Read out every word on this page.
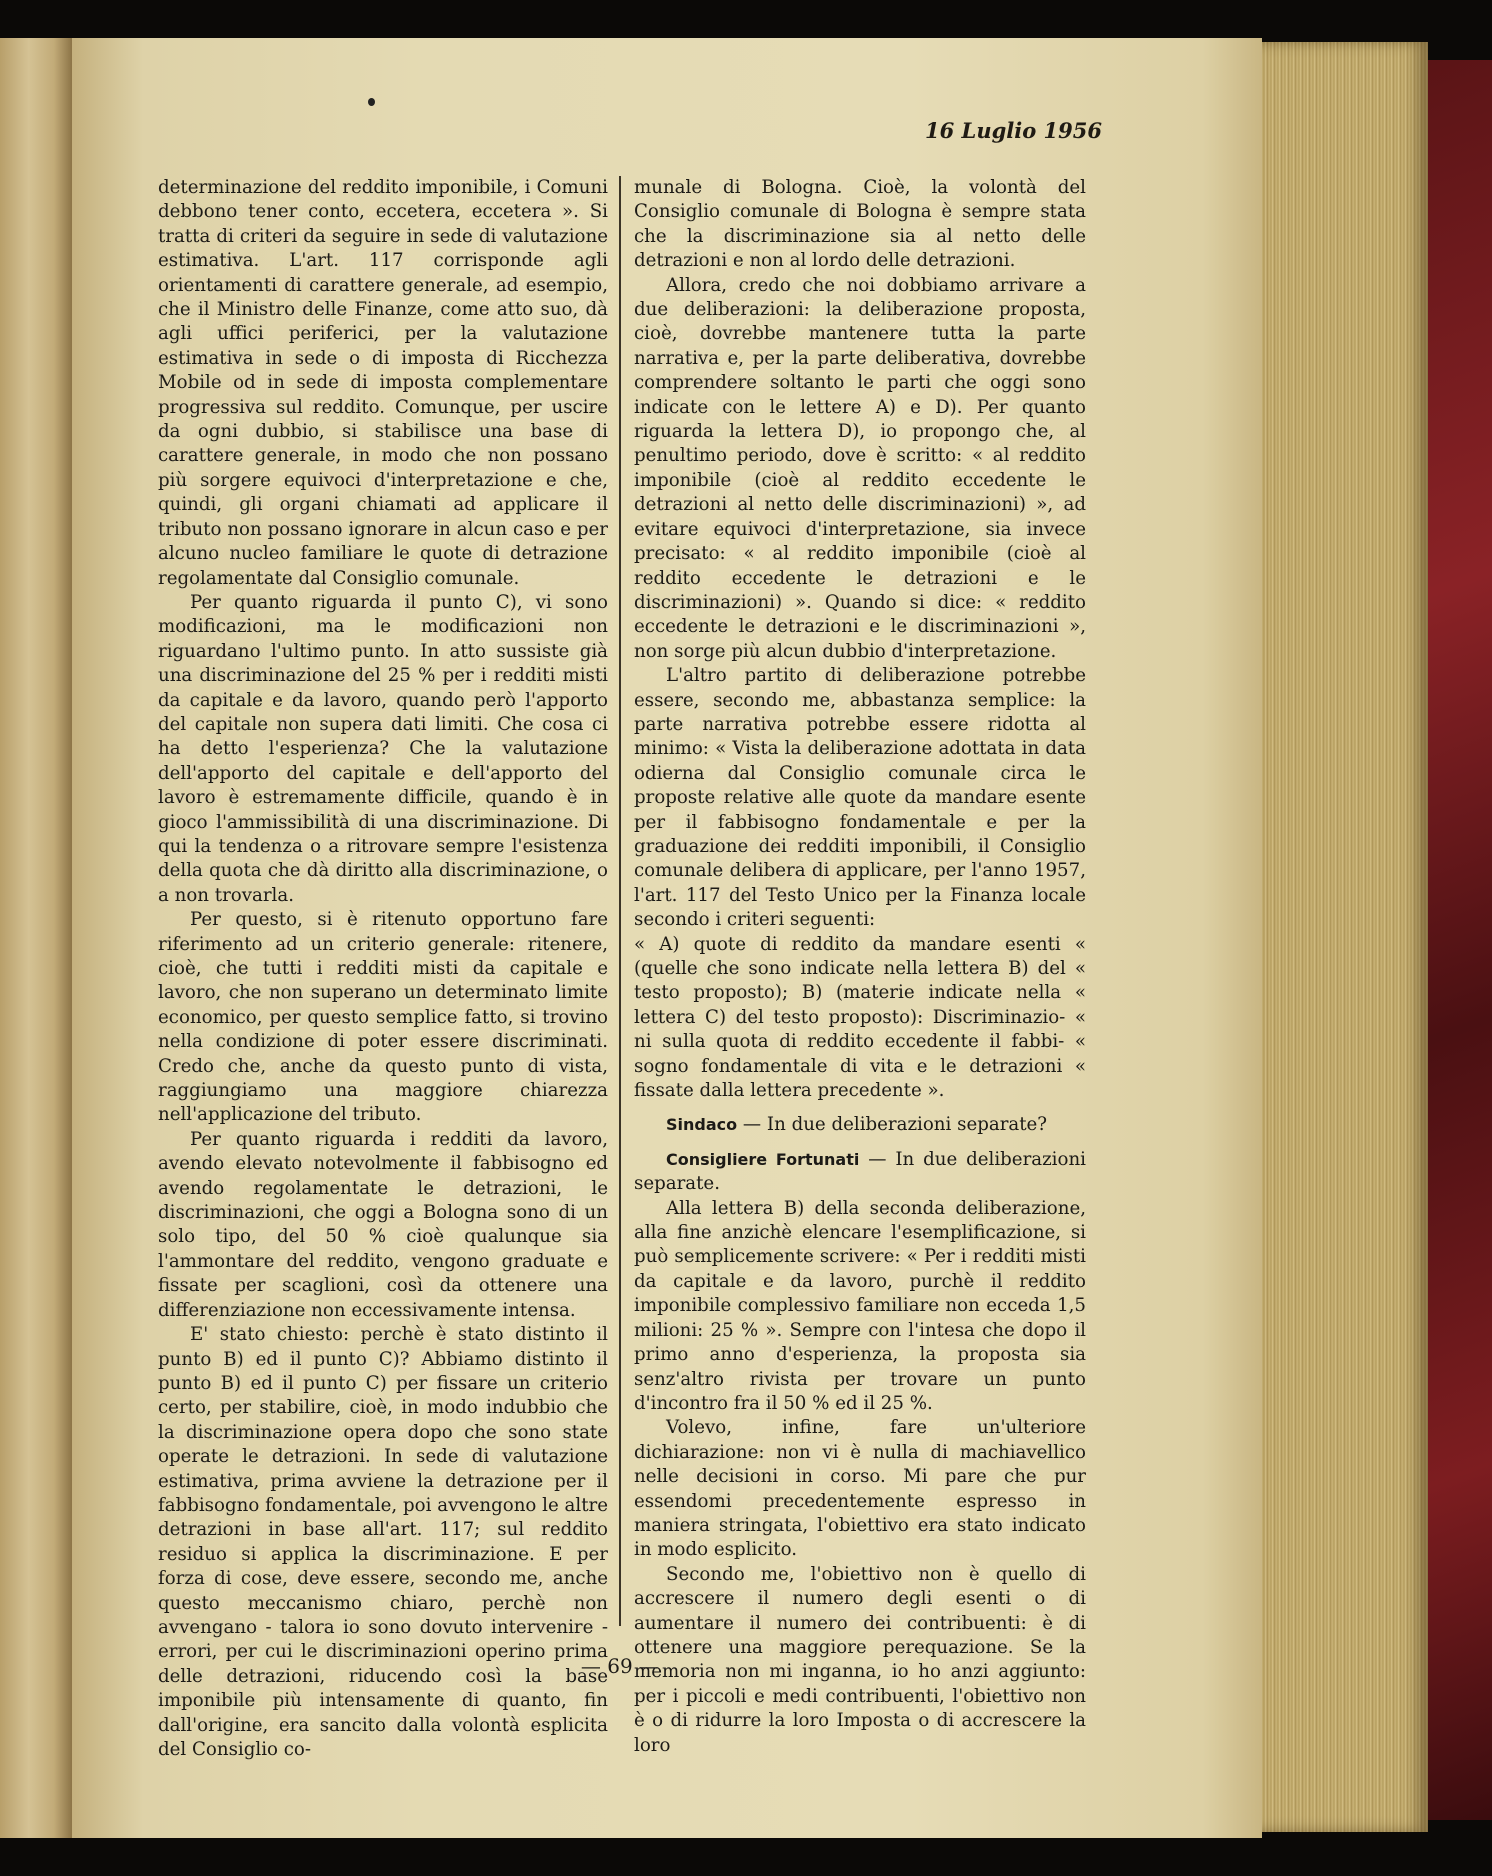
16 Luglio 1956

determinazione del reddito imponibile, i Comuni debbono tener conto, eccetera, eccetera ». Si tratta di criteri da seguire in sede di valutazione estimativa. L'art. 117 corrisponde agli orientamenti di carattere generale, ad esempio, che il Ministro delle Finanze, come atto suo, dà agli uffici periferici, per la valutazione estimativa in sede o di imposta di Ricchezza Mobile od in sede di imposta complementare progressiva sul reddito. Comunque, per uscire da ogni dubbio, si stabilisce una base di carattere generale, in modo che non possano più sorgere equivoci d'interpretazione e che, quindi, gli organi chiamati ad applicare il tributo non possano ignorare in alcun caso e per alcuno nucleo familiare le quote di detrazione regolamentate dal Consiglio comunale.

Per quanto riguarda il punto C), vi sono modificazioni, ma le modificazioni non riguardano l'ultimo punto. In atto sussiste già una discriminazione del 25 % per i redditi misti da capitale e da lavoro, quando però l'apporto del capitale non supera dati limiti. Che cosa ci ha detto l'esperienza? Che la valutazione dell'apporto del capitale e dell'apporto del lavoro è estremamente difficile, quando è in gioco l'ammissibilità di una discriminazione. Di qui la tendenza o a ritrovare sempre l'esistenza della quota che dà diritto alla discriminazione, o a non trovarla.

Per questo, si è ritenuto opportuno fare riferimento ad un criterio generale: ritenere, cioè, che tutti i redditi misti da capitale e lavoro, che non superano un determinato limite economico, per questo semplice fatto, si trovino nella condizione di poter essere discriminati. Credo che, anche da questo punto di vista, raggiungiamo una maggiore chiarezza nell'applicazione del tributo.

Per quanto riguarda i redditi da lavoro, avendo elevato notevolmente il fabbisogno ed avendo regolamentate le detrazioni, le discriminazioni, che oggi a Bologna sono di un solo tipo, del 50 % cioè qualunque sia l'ammontare del reddito, vengono graduate e fissate per scaglioni, così da ottenere una differenziazione non eccessivamente intensa.

E' stato chiesto: perchè è stato distinto il punto B) ed il punto C)? Abbiamo distinto il punto B) ed il punto C) per fissare un criterio certo, per stabilire, cioè, in modo indubbio che la discriminazione opera dopo che sono state operate le detrazioni. In sede di valutazione estimativa, prima avviene la detrazione per il fabbisogno fondamentale, poi avvengono le altre detrazioni in base all'art. 117; sul reddito residuo si applica la discriminazione. E per forza di cose, deve essere, secondo me, anche questo meccanismo chiaro, perchè non avvengano - talora io sono dovuto intervenire - errori, per cui le discriminazioni operino prima delle detrazioni, riducendo così la base imponibile più intensamente di quanto, fin dall'origine, era sancito dalla volontà esplicita del Consiglio co-

munale di Bologna. Cioè, la volontà del Consiglio comunale di Bologna è sempre stata che la discriminazione sia al netto delle detrazioni e non al lordo delle detrazioni.

Allora, credo che noi dobbiamo arrivare a due deliberazioni: la deliberazione proposta, cioè, dovrebbe mantenere tutta la parte narrativa e, per la parte deliberativa, dovrebbe comprendere soltanto le parti che oggi sono indicate con le lettere A) e D). Per quanto riguarda la lettera D), io propongo che, al penultimo periodo, dove è scritto: « al reddito imponibile (cioè al reddito eccedente le detrazioni al netto delle discriminazioni) », ad evitare equivoci d'interpretazione, sia invece precisato: « al reddito imponibile (cioè al reddito eccedente le detrazioni e le discriminazioni) ». Quando si dice: « reddito eccedente le detrazioni e le discriminazioni », non sorge più alcun dubbio d'interpretazione.

L'altro partito di deliberazione potrebbe essere, secondo me, abbastanza semplice: la parte narrativa potrebbe essere ridotta al minimo: « Vista la deliberazione adottata in data odierna dal Consiglio comunale circa le proposte relative alle quote da mandare esente per il fabbisogno fondamentale e per la graduazione dei redditi imponibili, il Consiglio comunale delibera di applicare, per l'anno 1957, l'art. 117 del Testo Unico per la Finanza locale secondo i criteri seguenti:

« A) quote di reddito da mandare esenti « (quelle che sono indicate nella lettera B) del « testo proposto); B) (materie indicate nella « lettera C) del testo proposto): Discriminazio- « ni sulla quota di reddito eccedente il fabbi- « sogno fondamentale di vita e le detrazioni « fissate dalla lettera precedente ».

Sindaco — In due deliberazioni separate?

Consigliere Fortunati — In due deliberazioni separate.

Alla lettera B) della seconda deliberazione, alla fine anzichè elencare l'esemplificazione, si può semplicemente scrivere: « Per i redditi misti da capitale e da lavoro, purchè il reddito imponibile complessivo familiare non ecceda 1,5 milioni: 25 % ». Sempre con l'intesa che dopo il primo anno d'esperienza, la proposta sia senz'altro rivista per trovare un punto d'incontro fra il 50 % ed il 25 %.

Volevo, infine, fare un'ulteriore dichiarazione: non vi è nulla di machiavellico nelle decisioni in corso. Mi pare che pur essendomi precedentemente espresso in maniera stringata, l'obiettivo era stato indicato in modo esplicito.

Secondo me, l'obiettivo non è quello di accrescere il numero degli esenti o di aumentare il numero dei contribuenti: è di ottenere una maggiore perequazione. Se la memoria non mi inganna, io ho anzi aggiunto: per i piccoli e medi contribuenti, l'obiettivo non è o di ridurre la loro Imposta o di accrescere la loro

— 69 —
